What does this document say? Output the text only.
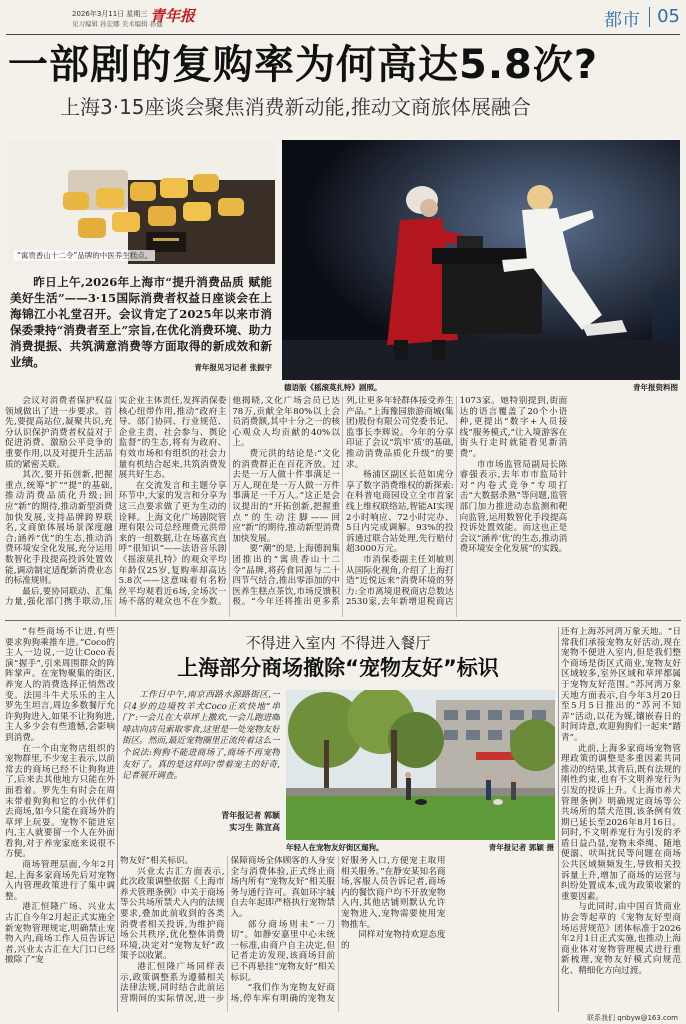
2026年3月11日 星期三
见习编辑 孙宏娜 美术编辑 孙健
青年报	都市 05
一部剧的复购率为何高达5.8次?
上海3·15座谈会聚焦消费新动能,推动文商旅体展融合
“寓贵香山十二令”品牌的中医养生糕点。
昨日上午,2026年上海市“提升消费品质 赋能美好生活”——3·15国际消费者权益日座谈会在上海锦江小礼堂召开。会议肯定了2025年以来市消保委秉持“消费者至上”宗旨,在优化消费环境、助力消费提振、共筑满意消费等方面取得的新成效和新业绩。	青年报见习记者 张振宇
德语版《摇滚莫扎特》剧照。	青年报资料图

会议对消费者保护权益领域做出了进一步要求。首先,要提高站位,凝聚共识,充分认识保护消费者权益对于促进消费、激励公平竞争的重要作用,以及对提升生活品质的紧密关联。

其次,要开拓创新,把握重点,统筹“扩”“提”的基础,推动消费品质化升级;回应“新”的期待,推动新型消费加快发展,支持品牌跨界联名,文商旅体展场景深度融合;涵养“优”的生态,推动消费环境安全化发展,充分运用数智化手段提高投诉处置效能,调动制定适配新消费业态的标准规则。

最后,要协同联动、汇集力量,强化部门携手联动,压实企业主体责任,发挥消保委核心纽带作用,推动“政府主导、部门协同、行业规范、企业主责、社会参与、舆论监督”的生态,将有为政府、有效市场和有组织的社会力量有机结合起来,共筑消费发展共好生态。

在交流发言和主题分享环节中,大家的发言和分享为这三点要求做了更为生动的诠释。上海文化广场剧院管理有限公司总经理费元洪带来的一组数据,让在场嘉宾直呼“很知识”——法语音乐剧《摇滚莫扎特》的观众平均年龄仅25岁,复购率却高达5.8次——这意味着有名粉丝平均观看近6场,全场次一场不落的观众也不在少数。他揭晓,文化广场会员已达78万,贡献全年80%以上会员消费额,其中十分之一的核心观众人均贡献的40%以上。

费元洪的结论是:“文化的消费群正在百花齐放。过去是一万人做十件事满足一万人,现在是一万人做一万件事满足一千万人。”这正是会议提出的“开拓创新,把握重点”的生动注脚——回应“新”的期待,推动新型消费加快发展。

要“潮”的是,上海德润集团推出的“寓贵香山十二令”品牌,将药食同源与二十四节气结合,推出零添加的中医养生糕点茶饮,市场反馈积极。“今年还将推出更多系列,让更多年轻群体接受养生产品。”上海豫园旅游商城(集团)股份有限公司党委书记、监事长李辉说。今年的分享印证了会议“筑牢‘质’的基础,推动消费品质化升级”的要求。

杨浦区副区长范如虎分享了数字消费维权的新探索:在科普电商园设立全市首家线上维权联络站,智能AI实现2小时响应、72小时完办、5日内完成调解。93%的投诉通过联合站处理,先行赔付超3000万元。

市消保委副主任刘敏则从国际化视角,介绍了上海打造“近悦远来”消费环境的努力:全市离境退税商店总数达2530家,去年新增退税商店1073家。她特别提到,街面达的语言覆盖了20个小语种,更提出“数字+人员接线”服务模式,“让入境游客在街头行走时就能看见新消费”。

市市场监管局副局长陈睿强表示,去年市市监局针对“内卷式竞争”专项打击“大数据杀熟”等问题,监管部门加力推进动态监测和靶向监管,运用数智化手段提高投诉处置效能。而这也正是会议“涵养‘优’的生态,推动消费环境安全化发展”的实践。

“有些商场不让进,有些要求狗狗乘推车进。”Coco的主人一边说,一边让Coco表演“握手”,引来周围群众的阵阵掌声。在宠物聚集的街区,养宠人的消费选择正悄然改变。法国斗牛犬乐乐的主人罗先生坦言,周边多数餐厅允许狗狗进入,如果不让狗狗进,主人多少会有些遗憾,会影响到消费。

在一个由宠物店组织的宠物群里,不少宠主表示,以前常去的商场已经不让狗狗进了,后来去其他地方只能在外面看着。罗先生有时会在周末带着狗狗和它的小伙伴们去商场,如今只能在商场外的草坪上玩耍。宠物不能进室内,主人就要留一个人在外面看狗,对于养宠家庭来说很不方便。

商场管理层面,今年2月起,上海多家商场先后对宠物入内管理政策进行了集中调整。

港汇恒隆广场、兴业太古汇自今年2月起正式实施全新宠物管理规定,明确禁止宠物入内,商场工作人员告诉记者,兴业太古汇在大门口已经撤除了“宠

不得进入室内 不得进入餐厅
上海部分商场撤除“宠物友好”标识
工作日中午,南京西路水源路街区,一只4岁的边境牧羊犬Coco正欢快地“串门”:一会儿在大草坪上撒欢,一会儿跑进咖啡店向店员索取零食,这里是一处宠物友好街区。然而,最近宠物圈里正流传着这么一个说法:狗狗不能进商场了,商场不再宠物友好了。真的是这样吗?带着宠主的好奇,记者展开调查。
青年报记者 郭颖
实习生 陈宣高
年轻人在宠物友好街区遛狗。	青年报记者 郭颖 摄

物友好”相关标识。

兴业太古汇方面表示,此次政策调整依据《上海市养犬管理条例》中关于商场等公共场所禁犬入内的法规要求,叠加此前收到的各类消费者相关投诉,为维护商场公共秩序,优化整体消费环境,决定对“宠物友好”政策予以收紧。

港汇恒隆广场同样表示,政策调整系为遵循相关法律法规,同时结合此前运营期间的实际情况,进一步保障商场全体顾客的人身安全与消费体验,正式终止商场内所有“宠物友好”相关服务与通行许可。真如环宇城自去年起即严格执行宠物禁入。

部分商场则未“一刀切”。如静安嘉里中心未统一标准,由商户自主决定,但记者走访发现,该商场目前已不再悬挂“宠物友好”相关标识。

“我们作为宠物友好商场,停车库有明确的宠物友好服务入口,方便宠主取用相关服务。”在静安某知名商场,客服人员告诉记者,商场内的餐饮商户均不开放宠物入内,其他店铺则默认允许宠物进入,宠物需要使用宠物推车。

同样对宠物持欢迎态度的

还有上海苏河湾万象天地。“日常我们承接宠物友好活动,现在宠物不便进入室内,但是我们整个商场是街区式商业,宠物友好区域较多,室外区域和草坪都属于宠物友好范围。”苏河湾万象天地方面表示,自今年3月20日至5月5日推出的“苏河不知弄”活动,以花为媒,镶嵌春日的时间诗意,欢迎狗狗们一起来“踏青”。

此前,上海多家商场宠物管理政策的调整是多重因素共同推动的结果,其背后,既有法规的刚性约束,也有不文明养宠行为引发的投诉上升。《上海市养犬管理条例》明确规定商场等公共场所的禁犬范围,该条例有效期已延长至2026年8月16日。同时,不文明养宠行为引发的矛盾日益凸显,宠物未牵绳、随地便溺、吠叫扰民等问题在商场公共区域频频发生,导致相关投诉量上升,增加了商场的运营与纠纷处置成本,成为政策收紧的重要因素。

与此同时,由中国百货商业协会等起草的《宠物友好型商场运营规范》团体标准于2026年2月1日正式实施,也推动上海商业体对宠物管理模式进行重新梳理,宠物友好模式向规范化、精细化方向过渡。

联系我们 qnbyw@163.com
